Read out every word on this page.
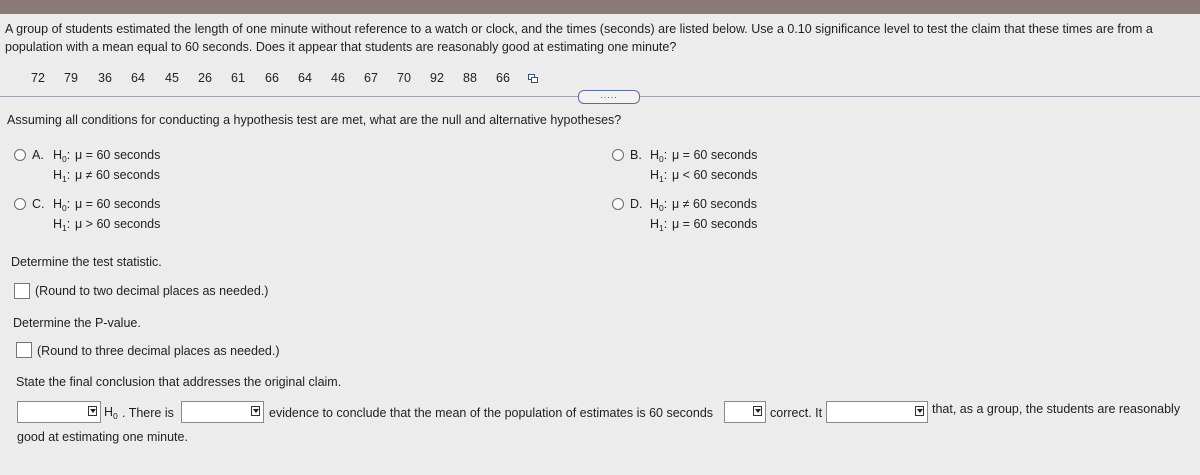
A group of students estimated the length of one minute without reference to a watch or clock, and the times (seconds) are listed below. Use a 0.10 significance level to test the claim that these times are from a
population with a mean equal to 60 seconds. Does it appear that students are reasonably good at estimating one minute?
72 79 36 64 45 26 61 66 64 46 67 70 92 88 66
.....
Assuming all conditions for conducting a hypothesis test are met, what are the null and alternative hypotheses?
A. $H_0$: μ = 60 seconds
$H_1$: μ ≠ 60 seconds
B. $H_0$: μ = 60 seconds
$H_1$: μ < 60 seconds
C. $H_0$: μ = 60 seconds
$H_1$: μ > 60 seconds
D. $H_0$: μ ≠ 60 seconds
$H_1$: μ = 60 seconds
Determine the test statistic.
(Round to two decimal places as needed.)
Determine the P-value.
(Round to three decimal places as needed.)
State the final conclusion that addresses the original claim.
$H_0$ . There is	evidence to conclude that the mean of the population of estimates is 60 seconds	correct. It	that, as a group, the students are reasonably
good at estimating one minute.
